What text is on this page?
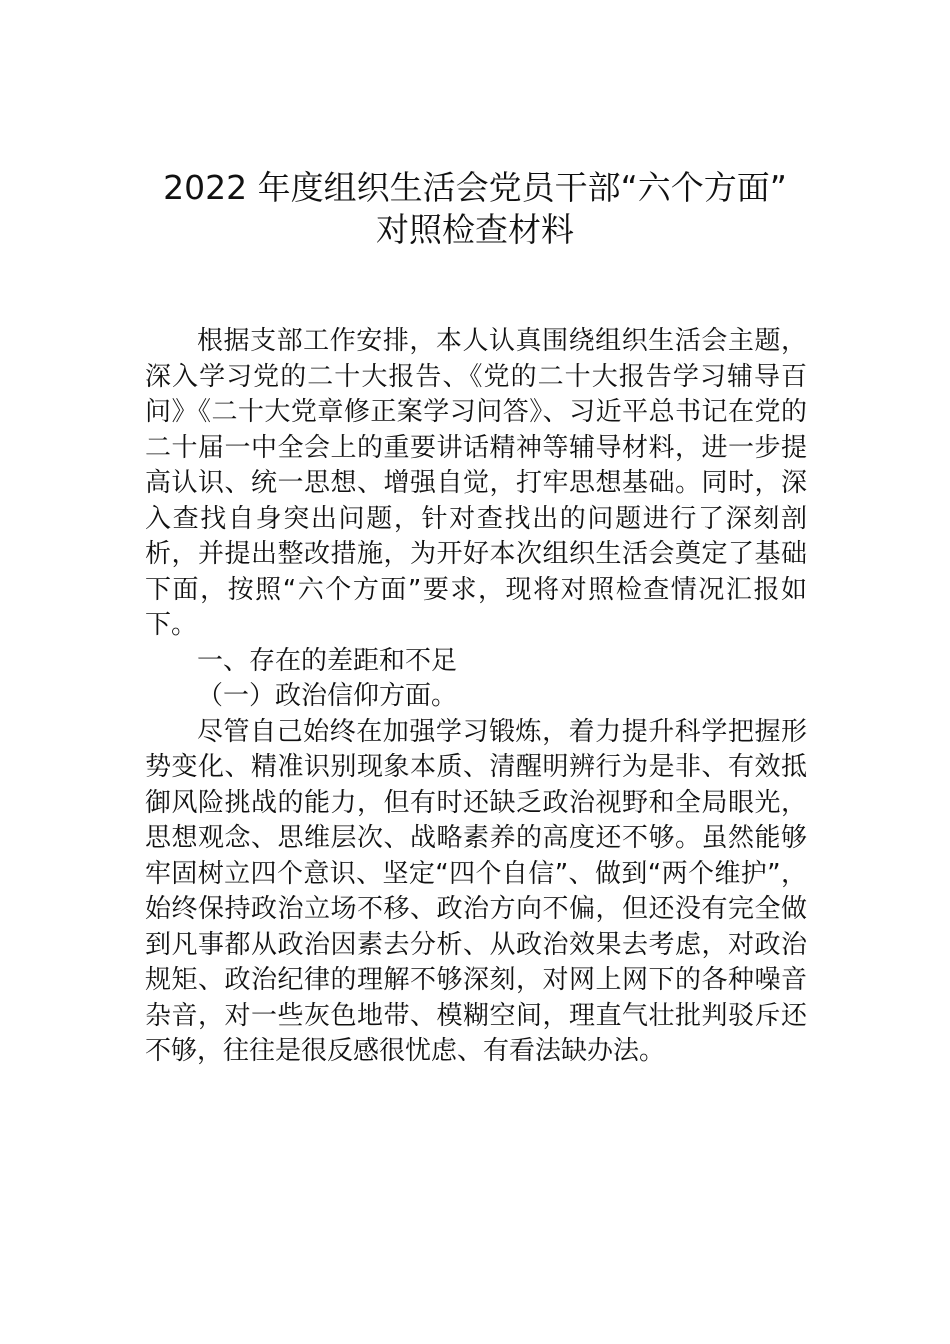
2022 年度组织生活会党员干部“六个方面”
对照检查材料

根据支部工作安排，本人认真围绕组织生活会主题，深入学习党的二十大报告、《党的二十大报告学习辅导百问》《二十大党章修正案学习问答》、习近平总书记在党的二十届一中全会上的重要讲话精神等辅导材料，进一步提高认识、统一思想、增强自觉，打牢思想基础。同时，深入查找自身突出问题，针对查找出的问题进行了深刻剖析，并提出整改措施，为开好本次组织生活会奠定了基础下面，按照“六个方面”要求，现将对照检查情况汇报如下。

一、存在的差距和不足

（一）政治信仰方面。

尽管自己始终在加强学习锻炼，着力提升科学把握形势变化、精准识别现象本质、清醒明辨行为是非、有效抵御风险挑战的能力，但有时还缺乏政治视野和全局眼光，思想观念、思维层次、战略素养的高度还不够。虽然能够牢固树立四个意识、坚定“四个自信”、做到“两个维护”，始终保持政治立场不移、政治方向不偏，但还没有完全做到凡事都从政治因素去分析、从政治效果去考虑，对政治规矩、政治纪律的理解不够深刻，对网上网下的各种噪音杂音，对一些灰色地带、模糊空间，理直气壮批判驳斥还不够，往往是很反感很忧虑、有看法缺办法。
